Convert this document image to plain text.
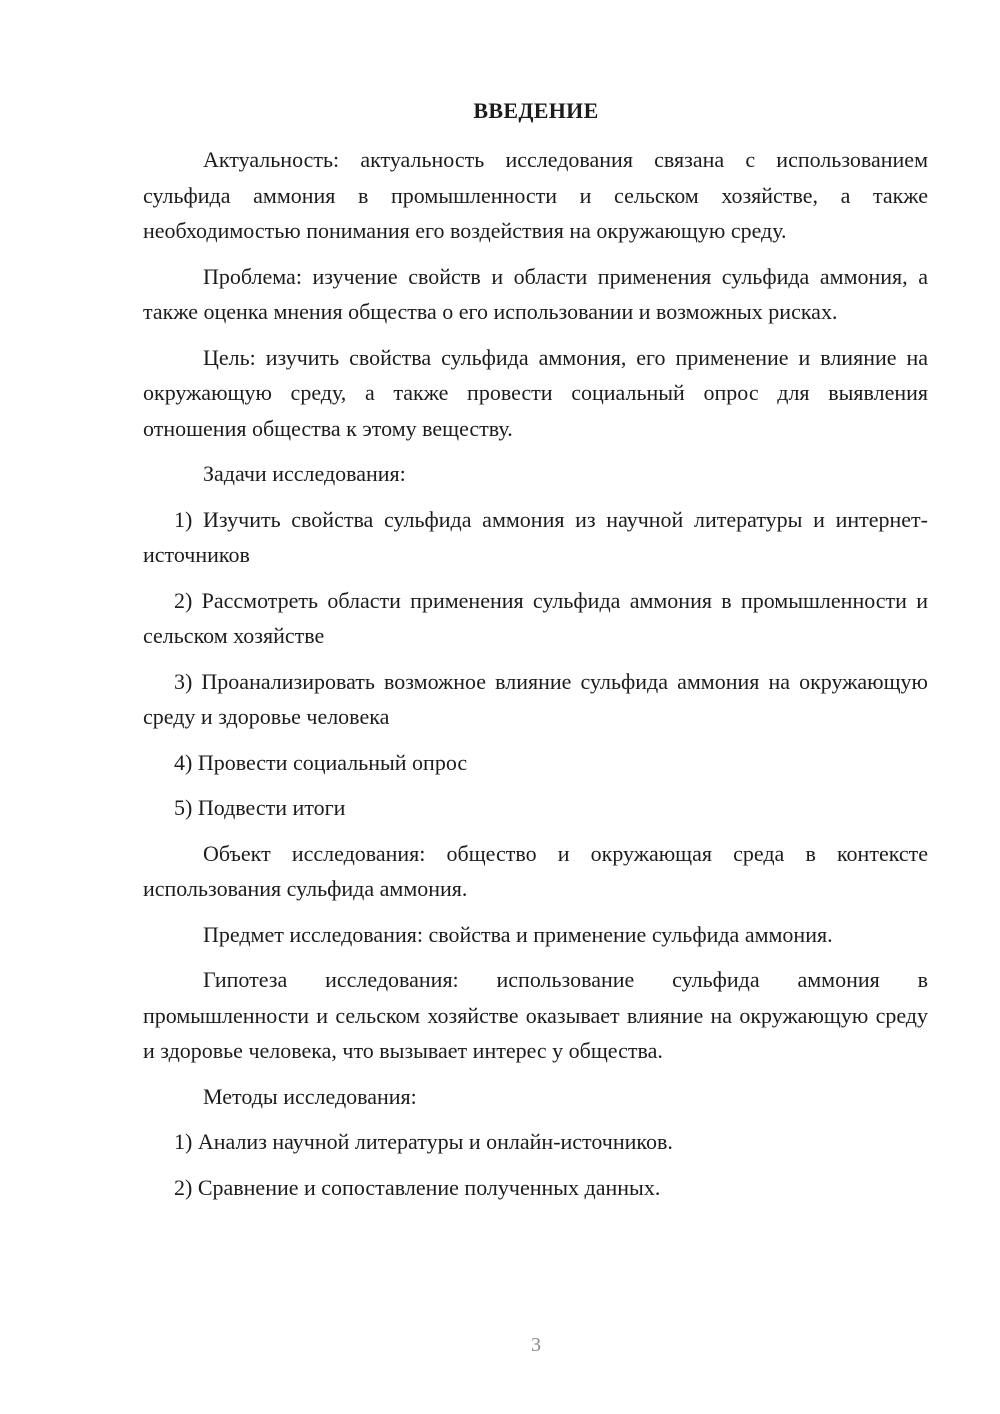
ВВЕДЕНИЕ

Актуальность: актуальность исследования связана с использованием сульфида аммония в промышленности и сельском хозяйстве, а также необходимостью понимания его воздействия на окружающую среду.

Проблема: изучение свойств и области применения сульфида аммония, а также оценка мнения общества о его использовании и возможных рисках.

Цель: изучить свойства сульфида аммония, его применение и влияние на окружающую среду, а также провести социальный опрос для выявления отношения общества к этому веществу.

Задачи исследования:

1) Изучить свойства сульфида аммония из научной литературы и интернет-источников

2) Рассмотреть области применения сульфида аммония в промышленности и сельском хозяйстве

3) Проанализировать возможное влияние сульфида аммония на окружающую среду и здоровье человека

4) Провести социальный опрос

5) Подвести итоги

Объект исследования: общество и окружающая среда в контексте использования сульфида аммония.

Предмет исследования: свойства и применение сульфида аммония.

Гипотеза исследования: использование сульфида аммония в промышленности и сельском хозяйстве оказывает влияние на окружающую среду и здоровье человека, что вызывает интерес у общества.

Методы исследования:

1) Анализ научной литературы и онлайн-источников.

2) Сравнение и сопоставление полученных данных.

3
